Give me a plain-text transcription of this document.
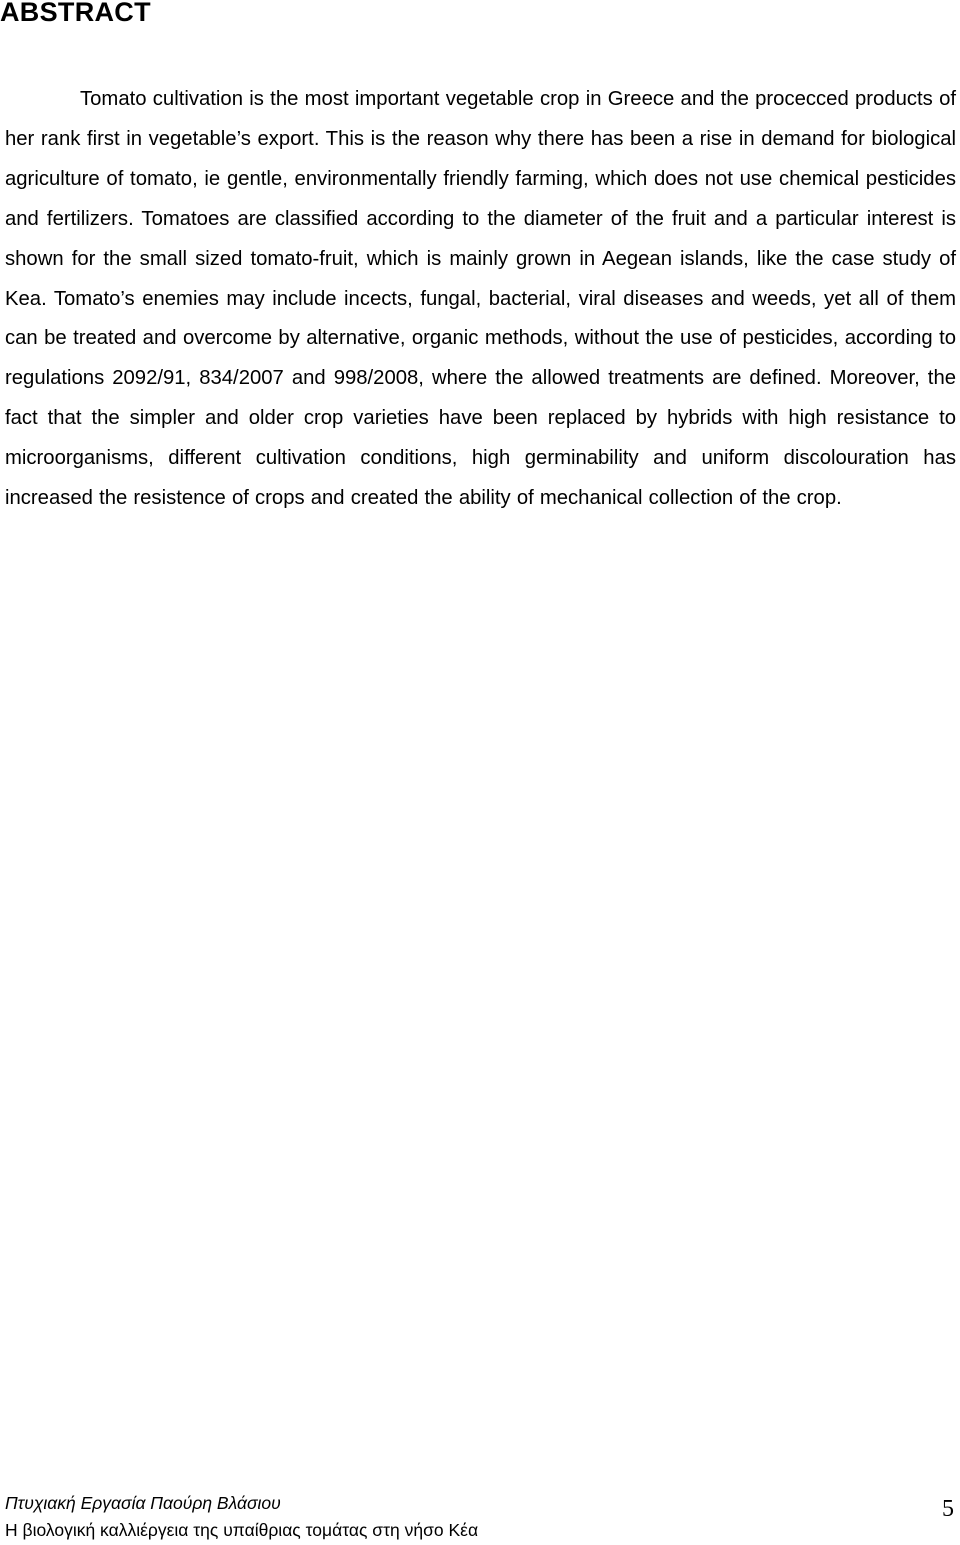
ABSTRACT

Tomato cultivation is the most important vegetable crop in Greece and the procecced products of her rank first in vegetable’s export. This is the reason why there has been a rise in demand for biological agriculture of tomato, ie gentle, environmentally friendly farming, which does not use chemical pesticides and fertilizers. Tomatoes are classified according to the diameter of the fruit and a particular interest is shown for the small sized tomato-fruit, which is mainly grown in Aegean islands, like the case study of Kea. Tomato’s enemies may include incects, fungal, bacterial, viral diseases and weeds, yet all of them can be treated and overcome by alternative, organic methods, without the use of pesticides, according to regulations 2092/91, 834/2007 and 998/2008, where the allowed treatments are defined. Moreover, the fact that the simpler and older crop varieties have been replaced by hybrids with high resistance to microorganisms, different cultivation conditions, high germinability and uniform discolouration has increased the resistence of crops and created the ability of mechanical collection of the crop.

Πτυχιακή Εργασία Παούρη Βλάσιου
Η βιολογική καλλιέργεια της υπαίθριας τομάτας στη νήσο Κέα
5
